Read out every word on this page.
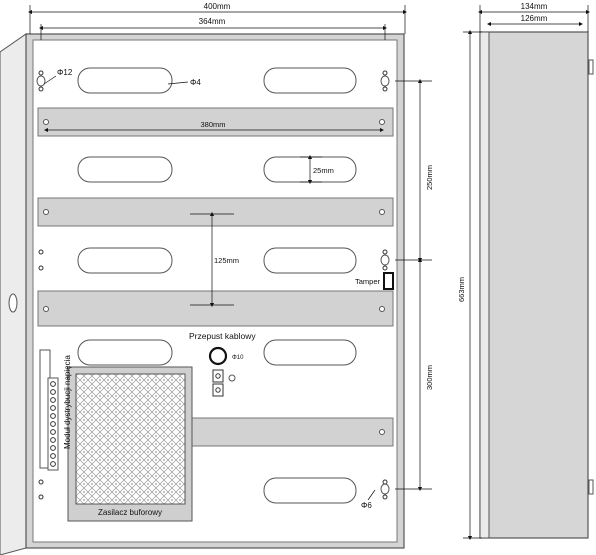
400mm
364mm
380mm
25mm
125mm
250mm
300mm
663mm
134mm
126mm
Φ12
Φ4
Φ10
Φ6
Tamper
Przepust kablowy
Moduł dystrybucji napięcia
Zasilacz buforowy
